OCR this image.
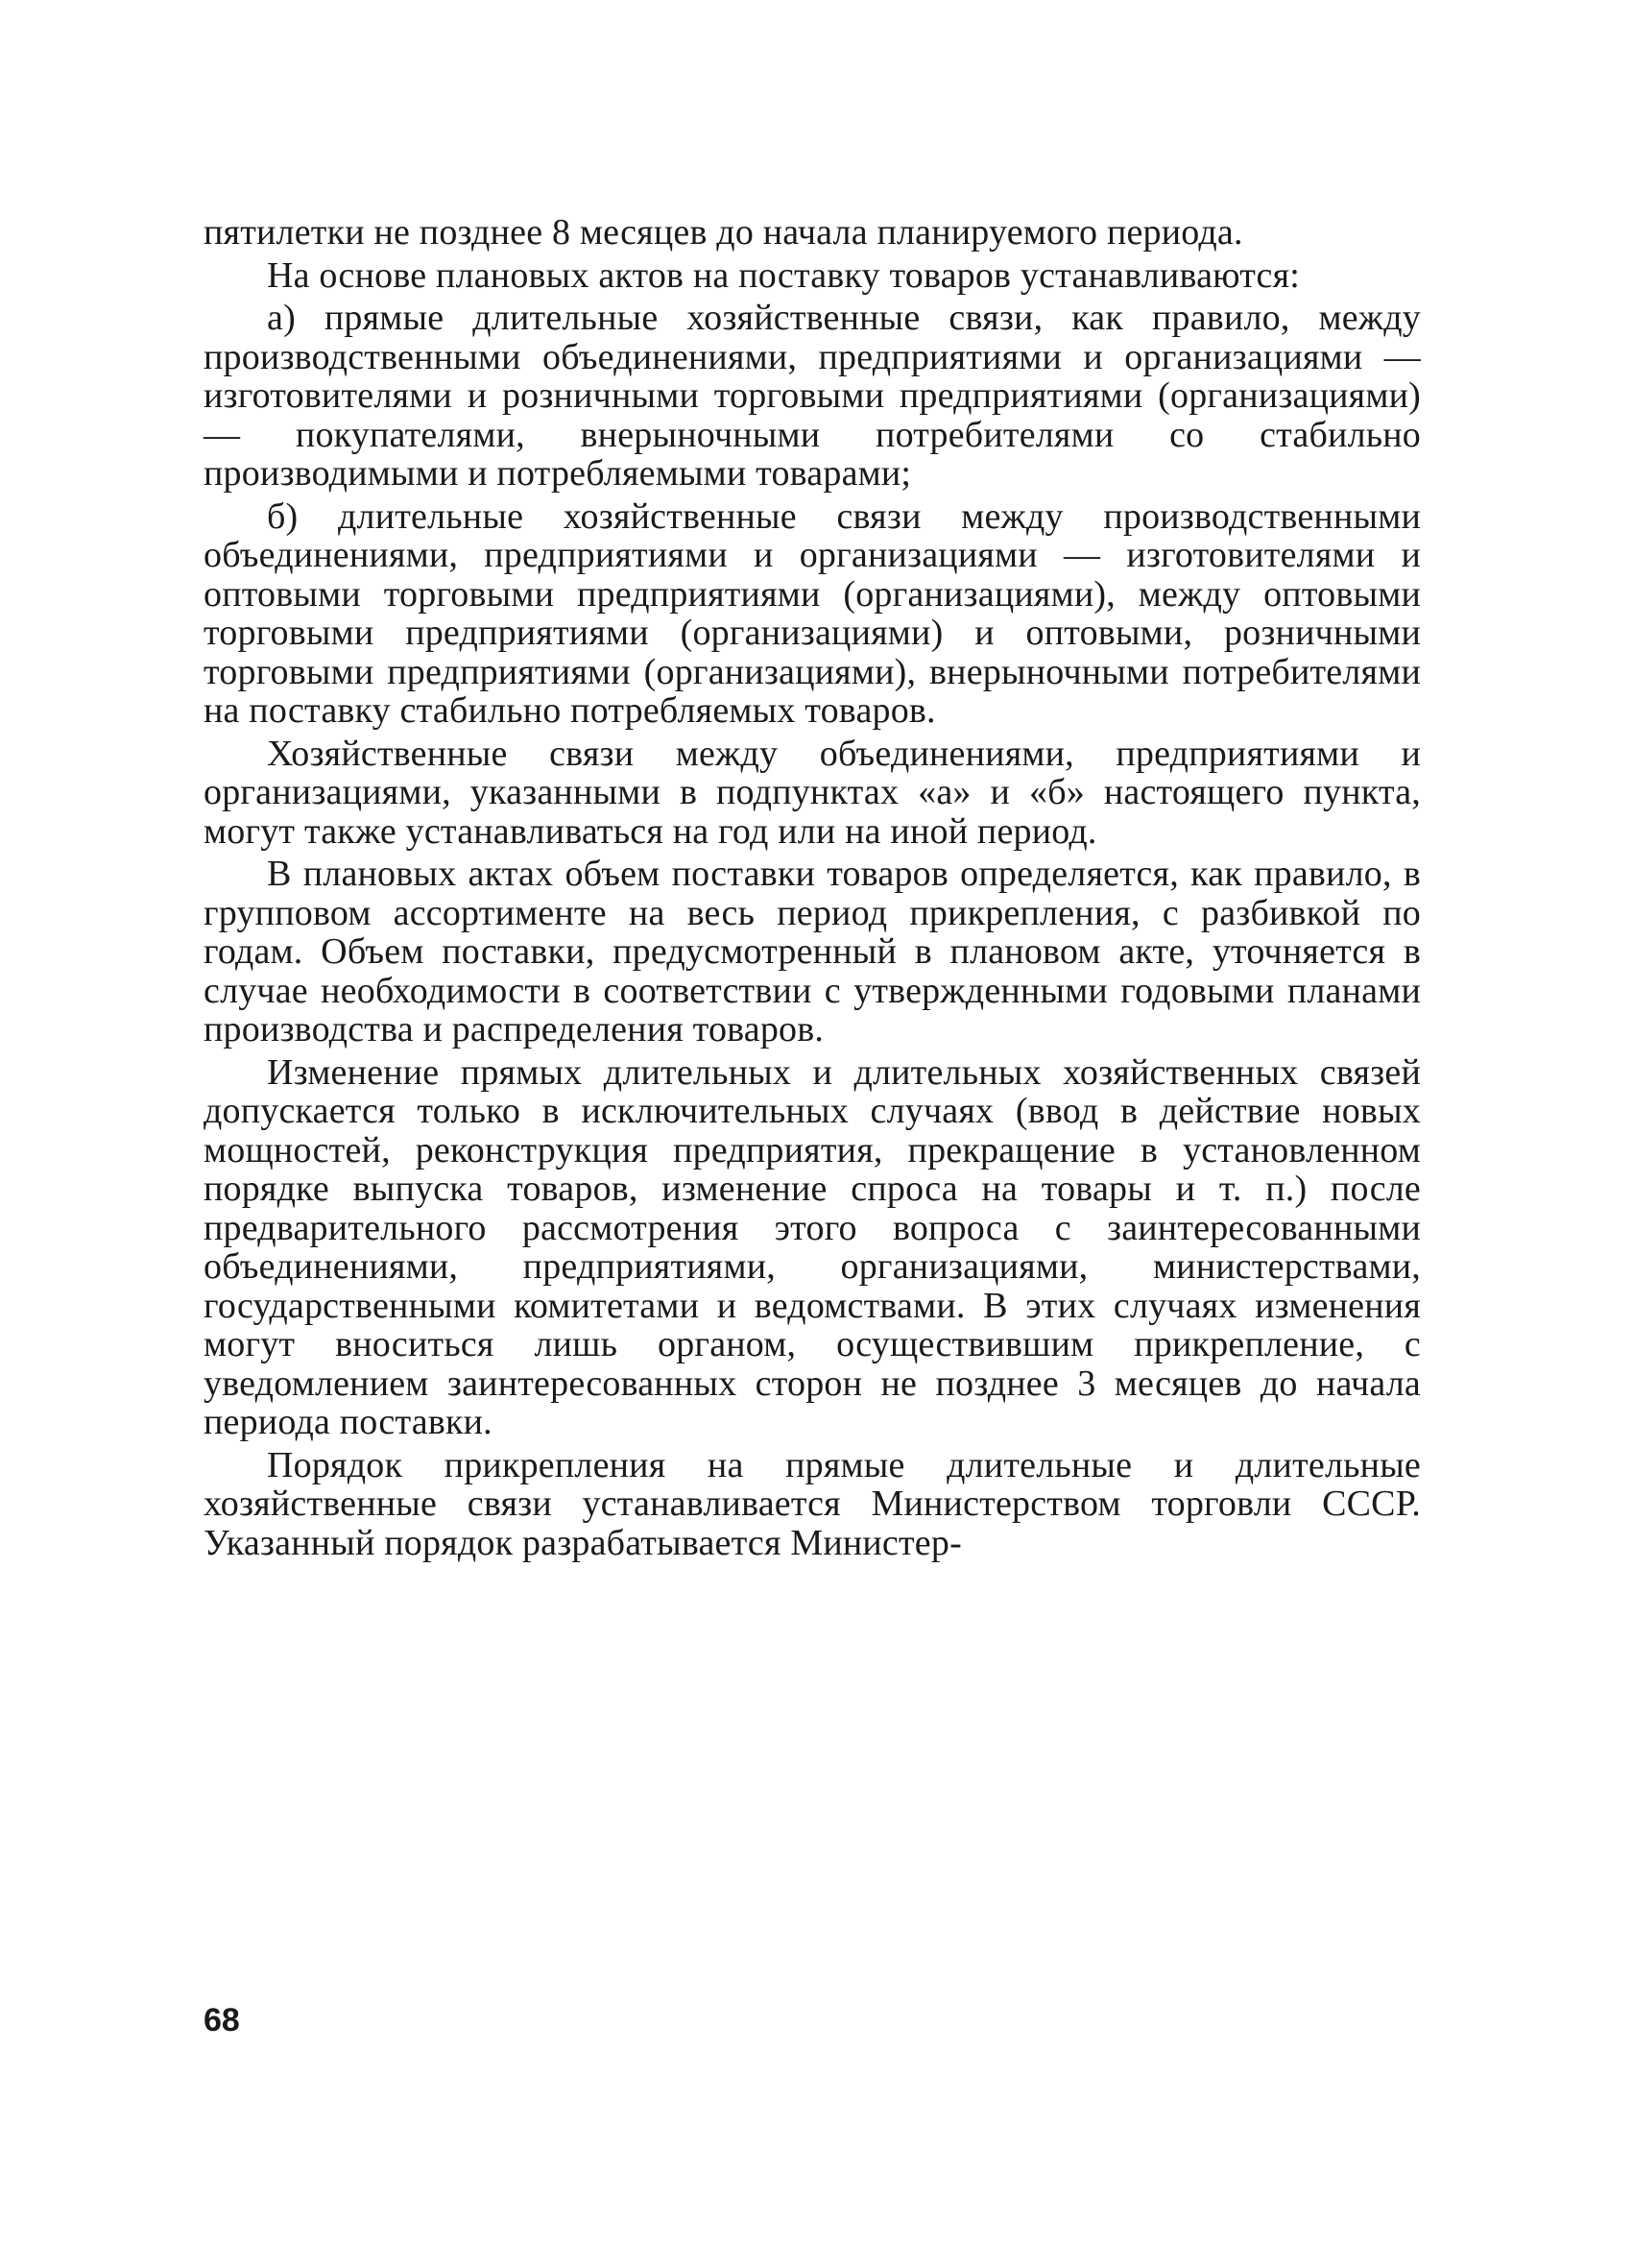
пятилетки не позднее 8 месяцев до начала планируемого периода.

На основе плановых актов на поставку товаров устанавливаются:

а) прямые длительные хозяйственные связи, как правило, между производственными объединениями, предприятиями и организациями — изготовителями и розничными торговыми предприятиями (организациями) — покупателями, внерыночными потребителями со стабильно производимыми и потребляемыми товарами;

б) длительные хозяйственные связи между производственными объединениями, предприятиями и организациями — изготовителями и оптовыми торговыми предприятиями (организациями), между оптовыми торговыми предприятиями (организациями) и оптовыми, розничными торговыми предприятиями (организациями), внерыночными потребителями на поставку стабильно потребляемых товаров.

Хозяйственные связи между объединениями, предприятиями и организациями, указанными в подпунктах «а» и «б» настоящего пункта, могут также устанавливаться на год или на иной период.

В плановых актах объем поставки товаров определяется, как правило, в групповом ассортименте на весь период прикрепления, с разбивкой по годам. Объем поставки, предусмотренный в плановом акте, уточняется в случае необходимости в соответствии с утвержденными годовыми планами производства и распределения товаров.

Изменение прямых длительных и длительных хозяйственных связей допускается только в исключительных случаях (ввод в действие новых мощностей, реконструкция предприятия, прекращение в установленном порядке выпуска товаров, изменение спроса на товары и т. п.) после предварительного рассмотрения этого вопроса с заинтересованными объединениями, предприятиями, организациями, министерствами, государственными комитетами и ведомствами. В этих случаях изменения могут вноситься лишь органом, осуществившим прикрепление, с уведомлением заинтересованных сторон не позднее 3 месяцев до начала периода поставки.

Порядок прикрепления на прямые длительные и длительные хозяйственные связи устанавливается Министерством торговли СССР. Указанный порядок разрабатывается Министер-

68
